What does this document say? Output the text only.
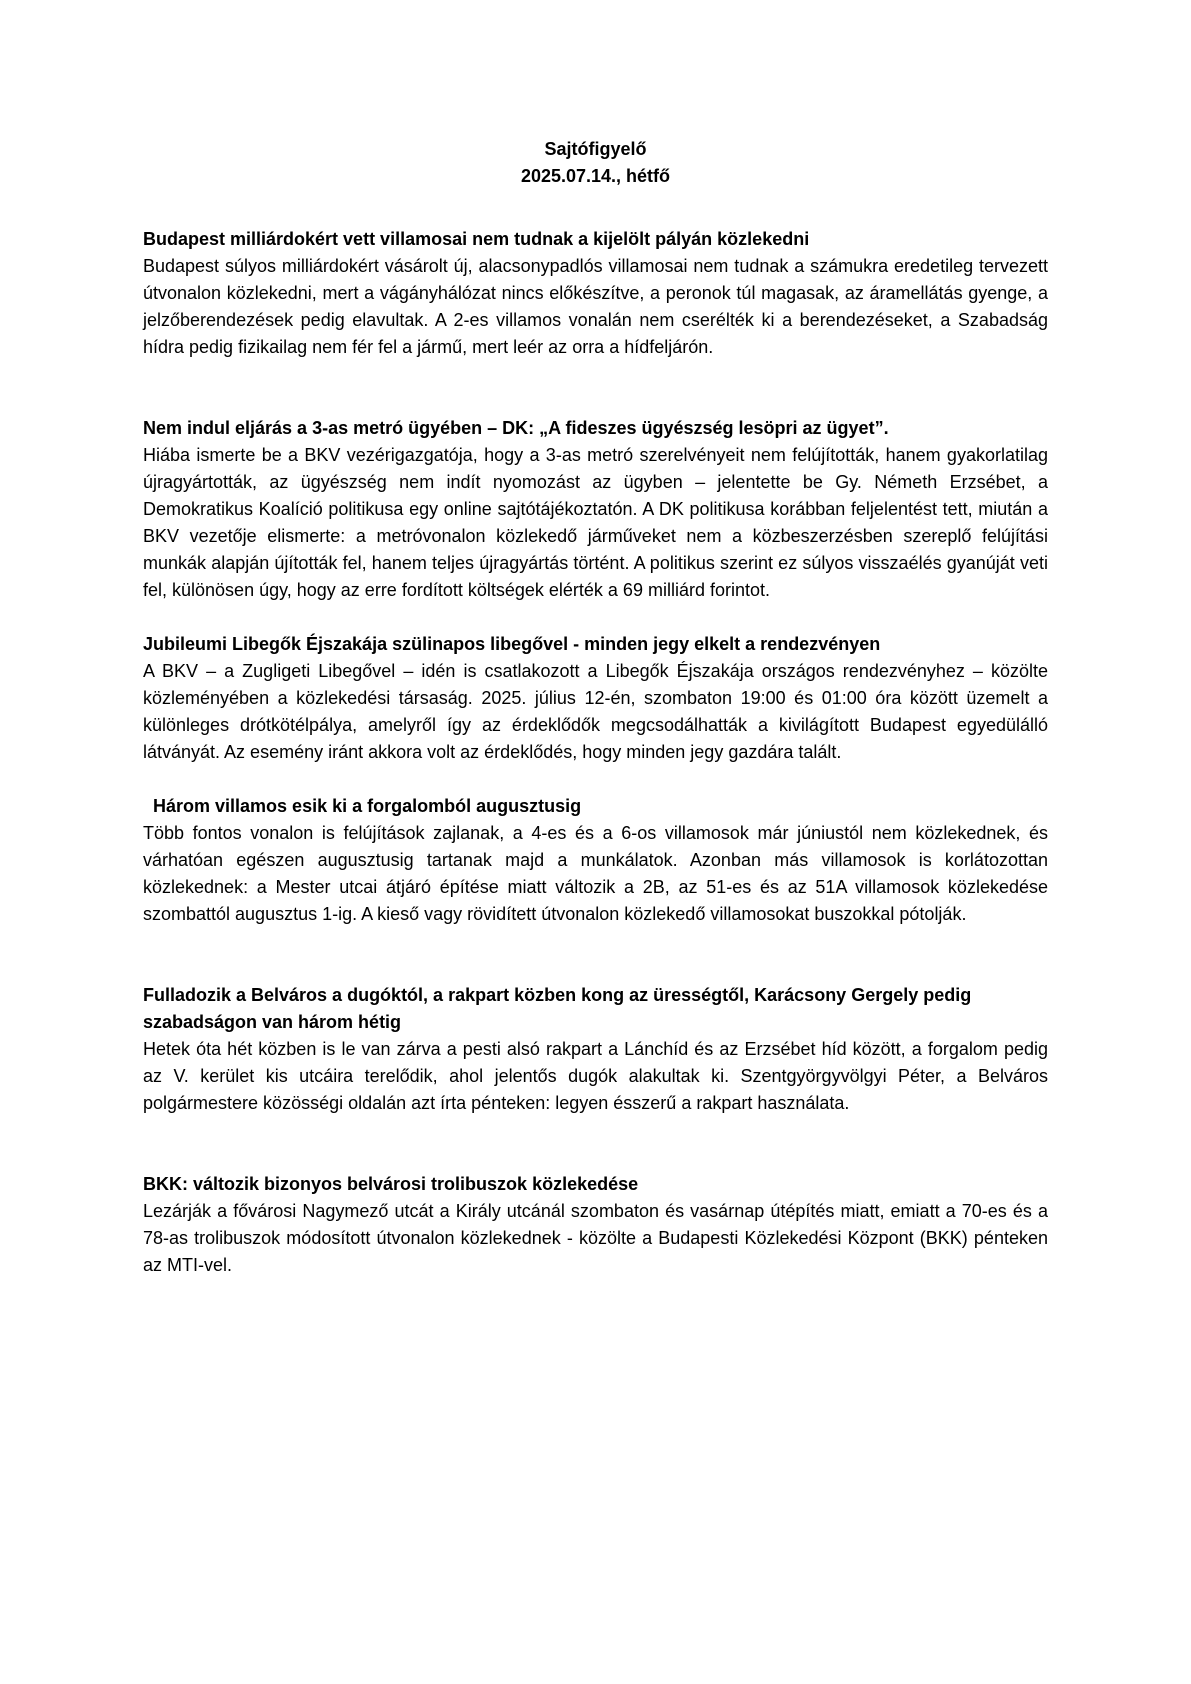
Sajtófigyelő
2025.07.14., hétfő
Budapest milliárdokért vett villamosai nem tudnak a kijelölt pályán közlekedni

Budapest súlyos milliárdokért vásárolt új, alacsonypadlós villamosai nem tudnak a számukra eredetileg tervezett útvonalon közlekedni, mert a vágányhálózat nincs előkészítve, a peronok túl magasak, az áramellátás gyenge, a jelzőberendezések pedig elavultak. A 2-es villamos vonalán nem cserélték ki a berendezéseket, a Szabadság hídra pedig fizikailag nem fér fel a jármű, mert leér az orra a hídfeljárón.

Nem indul eljárás a 3-as metró ügyében – DK: „A fideszes ügyészség lesöpri az ügyet”.

Hiába ismerte be a BKV vezérigazgatója, hogy a 3-as metró szerelvényeit nem felújították, hanem gyakorlatilag újragyártották, az ügyészség nem indít nyomozást az ügyben – jelentette be Gy. Németh Erzsébet, a Demokratikus Koalíció politikusa egy online sajtótájékoztatón. A DK politikusa korábban feljelentést tett, miután a BKV vezetője elismerte: a metróvonalon közlekedő járműveket nem a közbeszerzésben szereplő felújítási munkák alapján újították fel, hanem teljes újragyártás történt. A politikus szerint ez súlyos visszaélés gyanúját veti fel, különösen úgy, hogy az erre fordított költségek elérték a 69 milliárd forintot.

Jubileumi Libegők Éjszakája szülinapos libegővel - minden jegy elkelt a rendezvényen

A BKV – a Zugligeti Libegővel – idén is csatlakozott a Libegők Éjszakája országos rendezvényhez – közölte közleményében a közlekedési társaság. 2025. július 12-én, szombaton 19:00 és 01:00 óra között üzemelt a különleges drótkötélpálya, amelyről így az érdeklődők megcsodálhatták a kivilágított Budapest egyedülálló látványát. Az esemény iránt akkora volt az érdeklődés, hogy minden jegy gazdára talált.

Három villamos esik ki a forgalomból augusztusig

Több fontos vonalon is felújítások zajlanak, a 4-es és a 6-os villamosok már júniustól nem közlekednek, és várhatóan egészen augusztusig tartanak majd a munkálatok. Azonban más villamosok is korlátozottan közlekednek: a Mester utcai átjáró építése miatt változik a 2B, az 51-es és az 51A villamosok közlekedése szombattól augusztus 1-ig. A kieső vagy rövidített útvonalon közlekedő villamosokat buszokkal pótolják.

Fulladozik a Belváros a dugóktól, a rakpart közben kong az ürességtől, Karácsony Gergely pedig szabadságon van három hétig

Hetek óta hét közben is le van zárva a pesti alsó rakpart a Lánchíd és az Erzsébet híd között, a forgalom pedig az V. kerület kis utcáira terelődik, ahol jelentős dugók alakultak ki. Szentgyörgyvölgyi Péter, a Belváros polgármestere közösségi oldalán azt írta pénteken: legyen ésszerű a rakpart használata.

BKK: változik bizonyos belvárosi trolibuszok közlekedése

Lezárják a fővárosi Nagymező utcát a Király utcánál szombaton és vasárnap útépítés miatt, emiatt a 70-es és a 78-as trolibuszok módosított útvonalon közlekednek - közölte a Budapesti Közlekedési Központ (BKK) pénteken az MTI-vel.
